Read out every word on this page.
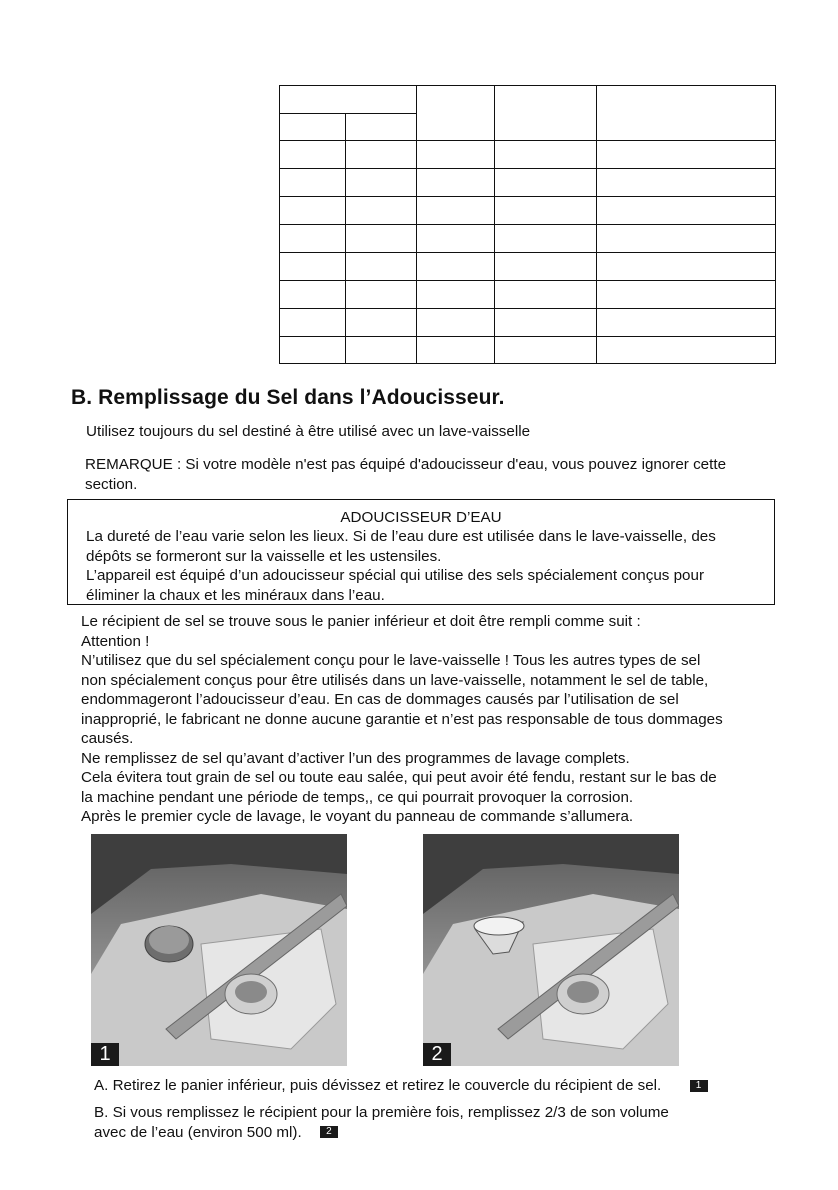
B. Remplissage du Sel dans l’Adoucisseur.
Utilisez toujours du sel destiné à être utilisé avec un lave-vaisselle
REMARQUE : Si votre modèle n'est pas équipé d'adoucisseur d'eau, vous pouvez ignorer cette
section.
ADOUCISSEUR D’EAU
La dureté de l’eau varie selon les lieux. Si de l’eau dure est utilisée dans le lave-vaisselle, des
dépôts se formeront sur la vaisselle et les ustensiles.
L’appareil est équipé d’un adoucisseur spécial qui utilise des sels spécialement conçus pour
éliminer la chaux et les minéraux dans l’eau.
Le récipient de sel se trouve sous le panier inférieur et doit être rempli comme suit :
Attention !
N’utilisez que du sel spécialement conçu pour le lave-vaisselle ! Tous les autres types de sel
non spécialement conçus pour être utilisés dans un lave-vaisselle, notamment le sel de table,
endommageront l’adoucisseur d’eau. En cas de dommages causés par l’utilisation de sel
inapproprié, le fabricant ne donne aucune garantie et n’est pas responsable de tous dommages
causés.
Ne remplissez de sel qu’avant d’activer l’un des programmes de lavage complets.
Cela évitera tout grain de sel ou toute eau salée, qui peut avoir été fendu, restant sur le bas de
la machine pendant une période de temps,, ce qui pourrait provoquer la corrosion.
Après le premier cycle de lavage, le voyant du panneau de commande s’allumera.
1	2
A. Retirez le panier inférieur, puis dévissez et retirez le couvercle du récipient de sel.	1
B. Si vous remplissez le récipient pour la première fois, remplissez 2/3 de son volume
avec de l’eau (environ 500 ml). 2
